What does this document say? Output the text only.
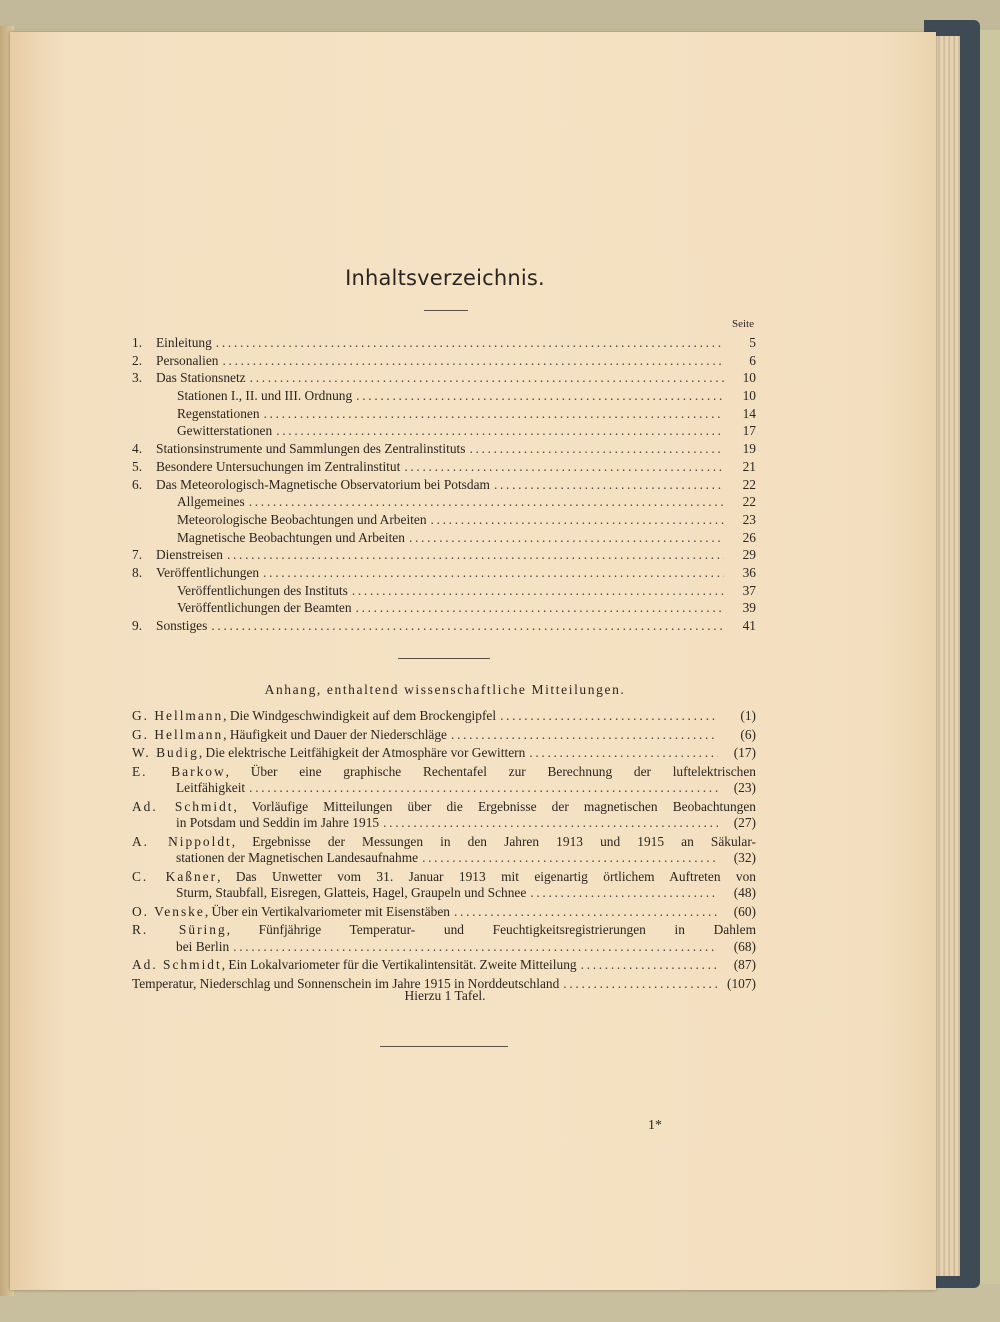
Inhaltsverzeichnis.
Seite
1.	Einleitung .....	5
2.	Personalien .....	6
3.	Das Stationsnetz .....	10
Stationen I., II. und III. Ordnung .....	10
Regenstationen .....	14
Gewitterstationen .....	17
4.	Stationsinstrumente und Sammlungen des Zentralinstituts .....	19
5.	Besondere Untersuchungen im Zentralinstitut .....	21
6.	Das Meteorologisch-Magnetische Observatorium bei Potsdam .....	22
Allgemeines .....	22
Meteorologische Beobachtungen und Arbeiten .....	23
Magnetische Beobachtungen und Arbeiten .....	26
7.	Dienstreisen .....	29
8.	Veröffentlichungen .....	36
Veröffentlichungen des Instituts .....	37
Veröffentlichungen der Beamten .....	39
9.	Sonstiges .....	41
Anhang, enthaltend wissenschaftliche Mitteilungen.
G. Hellmann, Die Windgeschwindigkeit auf dem Brockengipfel .....	(1)
G. Hellmann, Häufigkeit und Dauer der Niederschläge .....	(6)
W. Budig, Die elektrische Leitfähigkeit der Atmosphäre vor Gewittern .....	(17)
E. Barkow, Über eine graphische Rechentafel zur Berechnung der luftelektrischen
Leitfähigkeit .....	(23)
Ad. Schmidt, Vorläufige Mitteilungen über die Ergebnisse der magnetischen Beobachtungen
in Potsdam und Seddin im Jahre 1915 .....	(27)
A. Nippoldt, Ergebnisse der Messungen in den Jahren 1913 und 1915 an Säkular-
stationen der Magnetischen Landesaufnahme .....	(32)
C. Kaßner, Das Unwetter vom 31. Januar 1913 mit eigenartig örtlichem Auftreten von
Sturm, Staubfall, Eisregen, Glatteis, Hagel, Graupeln und Schnee .....	(48)
O. Venske, Über ein Vertikalvariometer mit Eisenstäben .....	(60)
R. Süring, Fünfjährige Temperatur- und Feuchtigkeitsregistrierungen in Dahlem
bei Berlin .....	(68)
Ad. Schmidt, Ein Lokalvariometer für die Vertikalintensität. Zweite Mitteilung .....	(87)
Temperatur, Niederschlag und Sonnenschein im Jahre 1915 in Norddeutschland .....	(107)
Hierzu 1 Tafel.
1*
